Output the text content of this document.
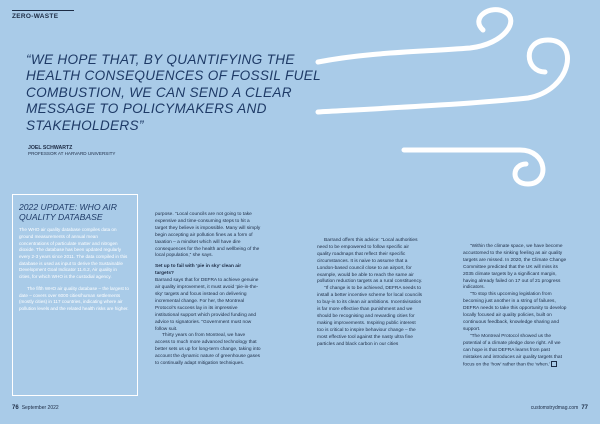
ZERO-WASTE
“WE HOPE THAT, BY QUANTIFYING THE HEALTH CONSEQUENCES OF FOSSIL FUEL COMBUSTION, WE CAN SEND A CLEAR MESSAGE TO POLICYMAKERS AND STAKEHOLDERS”
JOEL SCHWARTZ
PROFESSOR AT HARVARD UNIVERSITY
2022 UPDATE: WHO AIR QUALITY DATABASE

The WHO air quality database compiles data on ground measurements of annual mean concentrations of particulate matter and nitrogen dioxide. The database has been updated regularly every 2-3 years since 2011. The data compiled in this database is used as input to derive the Sustainable Development Goal Indicator 11.6.2, Air quality in cities, for which WHO is the custodial agency.

The fifth WHO air quality database – the largest to date – covers over 6000 cities/human settlements (mostly cities) in 117 countries, indicating where air pollution levels and the related health risks are higher.

purpose. “Local councils are not going to take expensive and time-consuming steps to hit a target they believe is impossible. Many will simply begin accepting air pollution fines as a form of taxation – a mindset which will have dire consequences for the health and wellbeing of the local population,” she says.

Set up to fail with ‘pie in sky’ clean air targets?

Barrand says that for DEFRA to achieve genuine air quality improvement, it must avoid ‘pie-in-the-sky’ targets and focus instead on delivering incremental change. For her, the Montreal Protocol’s success lay in its impressive institutional support which provided funding and advice to signatories. “Government must now follow suit.

Thirty years on from Montreal, we have access to much more advanced technology that better sets us up for long-term change, taking into account the dynamic nature of greenhouse gases to continually adapt mitigation techniques.

Barrand offers this advice: “Local authorities need to be empowered to follow specific air quality roadmaps that reflect their specific circumstances. It is naive to assume that a London-based council close to an airport, for example, would be able to reach the same air pollution reduction targets as a rural constituency.

“If change is to be achieved, DEFRA needs to install a better incentive scheme for local councils to buy-in to its clean air ambitions. Incentivisation is far more effective than punishment and we should be recognising and rewarding cities for making improvements. Inspiring public interest too is critical to inspire behaviour change – the most effective tool against the nasty ultra fine particles and black carbon in our cities

“Within the climate space, we have become accustomed to the sinking feeling as air quality targets are missed. In 2020, the Climate Change Committee predicted that the UK will miss its 2035 climate targets by a significant margin, having already failed on 17 out of 21 progress indicators.

“To stop this upcoming legislation from becoming just another in a string of failures, DEFRA needs to take this opportunity to develop locally focused air quality policies, built on continuous feedback, knowledge sharing and support.

“The Montreal Protocol showed us the potential of a climate pledge done right. All we can hope is that DEFRA learns from past mistakes and introduces air quality targets that focus on the ‘how’ rather than the ‘when.’

76 September 2022	customstrydmag.com 77
